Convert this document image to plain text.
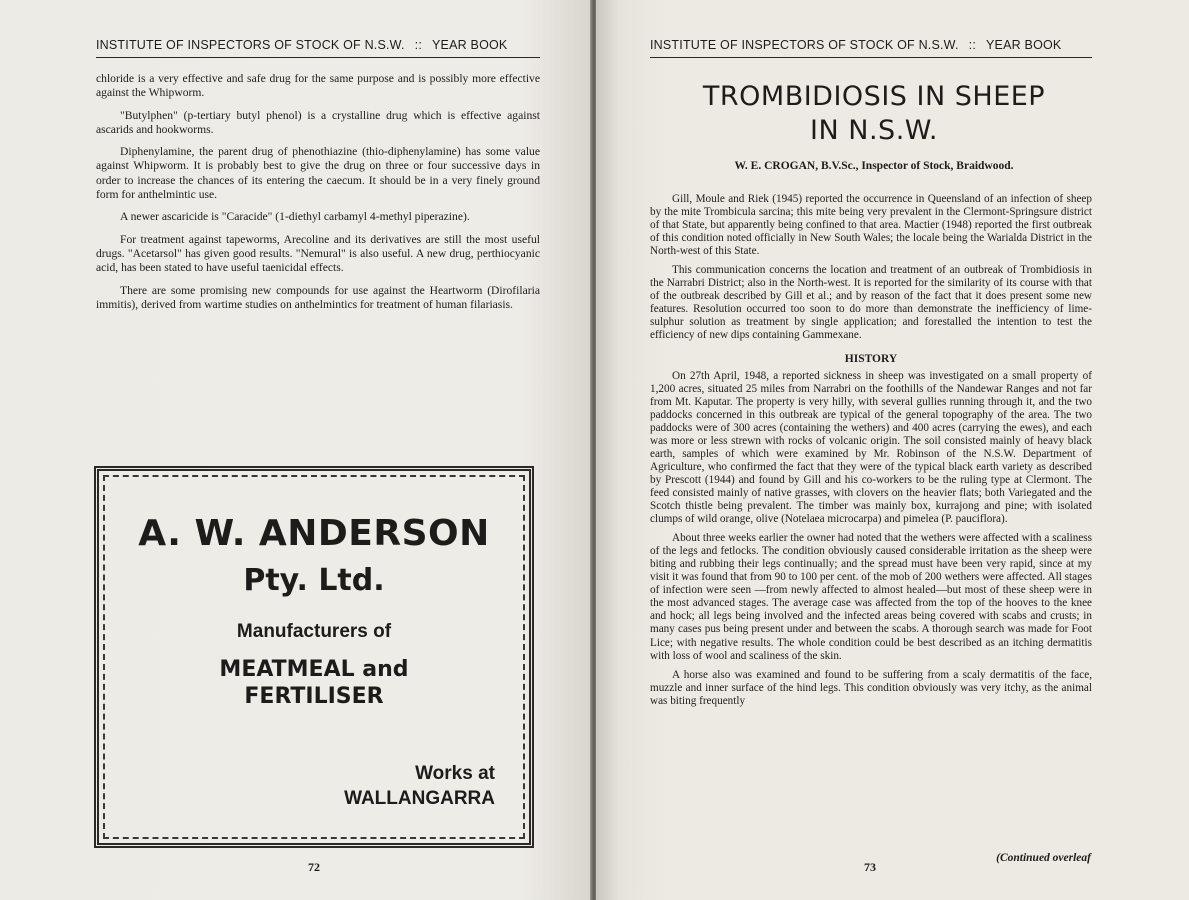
INSTITUTE OF INSPECTORS OF STOCK OF N.S.W. :: YEAR BOOK

chloride is a very effective and safe drug for the same purpose and is possibly more effective against the Whipworm.

"Butylphen" (p-tertiary butyl phenol) is a crystalline drug which is effective against ascarids and hookworms.

Diphenylamine, the parent drug of phenothiazine (thio-diphenylamine) has some value against Whipworm. It is probably best to give the drug on three or four successive days in order to increase the chances of its entering the caecum. It should be in a very finely ground form for anthelmintic use.

A newer ascaricide is "Caracide" (1-diethyl carbamyl 4-methyl piperazine).

For treatment against tapeworms, Arecoline and its derivatives are still the most useful drugs. "Acetarsol" has given good results. "Nemural" is also useful. A new drug, perthiocyanic acid, has been stated to have useful taenicidal effects.

There are some promising new compounds for use against the Heartworm (Dirofilaria immitis), derived from wartime studies on anthelmintics for treatment of human filariasis.

A. W. ANDERSON
Pty. Ltd.
Manufacturers of
MEATMEAL and
FERTILISER
Works at
WALLANGARRA
72
INSTITUTE OF INSPECTORS OF STOCK OF N.S.W. :: YEAR BOOK
TROMBIDIOSIS IN SHEEP
IN N.S.W.
W. E. CROGAN, B.V.Sc., Inspector of Stock, Braidwood.

Gill, Moule and Riek (1945) reported the occurrence in Queensland of an infection of sheep by the mite Trombicula sarcina; this mite being very prevalent in the Clermont-Springsure district of that State, but apparently being confined to that area. Mactier (1948) reported the first outbreak of this condition noted officially in New South Wales; the locale being the Warialda District in the North-west of this State.

This communication concerns the location and treatment of an outbreak of Trombidiosis in the Narrabri District; also in the North-west. It is reported for the similarity of its course with that of the outbreak described by Gill et al.; and by reason of the fact that it does present some new features. Resolution occurred too soon to do more than demonstrate the inefficiency of lime-sulphur solution as treatment by single application; and forestalled the intention to test the efficiency of new dips containing Gammexane.

HISTORY

On 27th April, 1948, a reported sickness in sheep was investigated on a small property of 1,200 acres, situated 25 miles from Narrabri on the foothills of the Nandewar Ranges and not far from Mt. Kaputar. The property is very hilly, with several gullies running through it, and the two paddocks concerned in this outbreak are typical of the general topography of the area. The two paddocks were of 300 acres (containing the wethers) and 400 acres (carrying the ewes), and each was more or less strewn with rocks of volcanic origin. The soil consisted mainly of heavy black earth, samples of which were examined by Mr. Robinson of the N.S.W. Department of Agriculture, who confirmed the fact that they were of the typical black earth variety as described by Prescott (1944) and found by Gill and his co-workers to be the ruling type at Clermont. The feed consisted mainly of native grasses, with clovers on the heavier flats; both Variegated and the Scotch thistle being prevalent. The timber was mainly box, kurrajong and pine; with isolated clumps of wild orange, olive (Notelaea microcarpa) and pimelea (P. pauciflora).

About three weeks earlier the owner had noted that the wethers were affected with a scaliness of the legs and fetlocks. The condition obviously caused considerable irritation as the sheep were biting and rubbing their legs continually; and the spread must have been very rapid, since at my visit it was found that from 90 to 100 per cent. of the mob of 200 wethers were affected. All stages of infection were seen —from newly affected to almost healed—but most of these sheep were in the most advanced stages. The average case was affected from the top of the hooves to the knee and hock; all legs being involved and the infected areas being covered with scabs and crusts; in many cases pus being present under and between the scabs. A thorough search was made for Foot Lice; with negative results. The whole condition could be best described as an itching dermatitis with loss of wool and scaliness of the skin.

A horse also was examined and found to be suffering from a scaly dermatitis of the face, muzzle and inner surface of the hind legs. This condition obviously was very itchy, as the animal was biting frequently

(Continued overleaf
73
